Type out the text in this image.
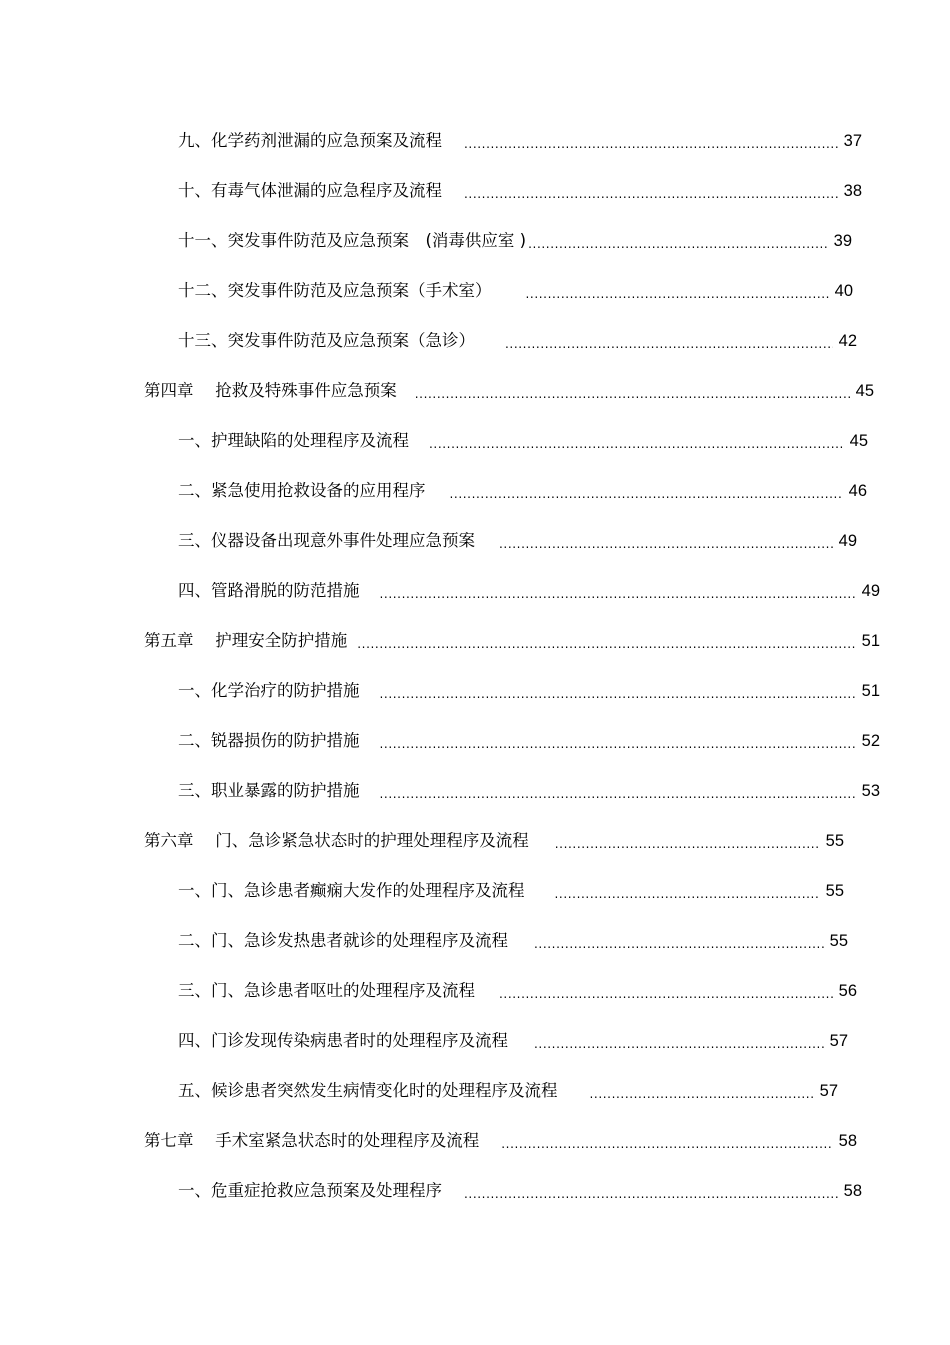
九、化学药剂泄漏的应急预案及流程 .....	37
十、有毒气体泄漏的应急程序及流程 .....	38
十一、突发事件防范及应急预案　(消毒供应室 ) .....	39
十二、突发事件防范及应急预案（手术室） .....	40
十三、突发事件防范及应急预案（急诊） .....	42
第四章　 抢救及特殊事件应急预案 .....	45
一、护理缺陷的处理程序及流程 .....	45
二、紧急使用抢救设备的应用程序 .....	46
三、仪器设备出现意外事件处理应急预案 .....	49
四、管路滑脱的防范措施 .....	49
第五章　 护理安全防护措施 .....	51
一、化学治疗的防护措施 .....	51
二、锐器损伤的防护措施 .....	52
三、职业暴露的防护措施 .....	53
第六章　 门、急诊紧急状态时的护理处理程序及流程 .....	55
一、门、急诊患者癫痫大发作的处理程序及流程 .....	55
二、门、急诊发热患者就诊的处理程序及流程 .....	55
三、门、急诊患者呕吐的处理程序及流程 .....	56
四、门诊发现传染病患者时的处理程序及流程 .....	57
五、候诊患者突然发生病情变化时的处理程序及流程 .....	57
第七章　 手术室紧急状态时的处理程序及流程 .....	58
一、危重症抢救应急预案及处理程序 .....	58
